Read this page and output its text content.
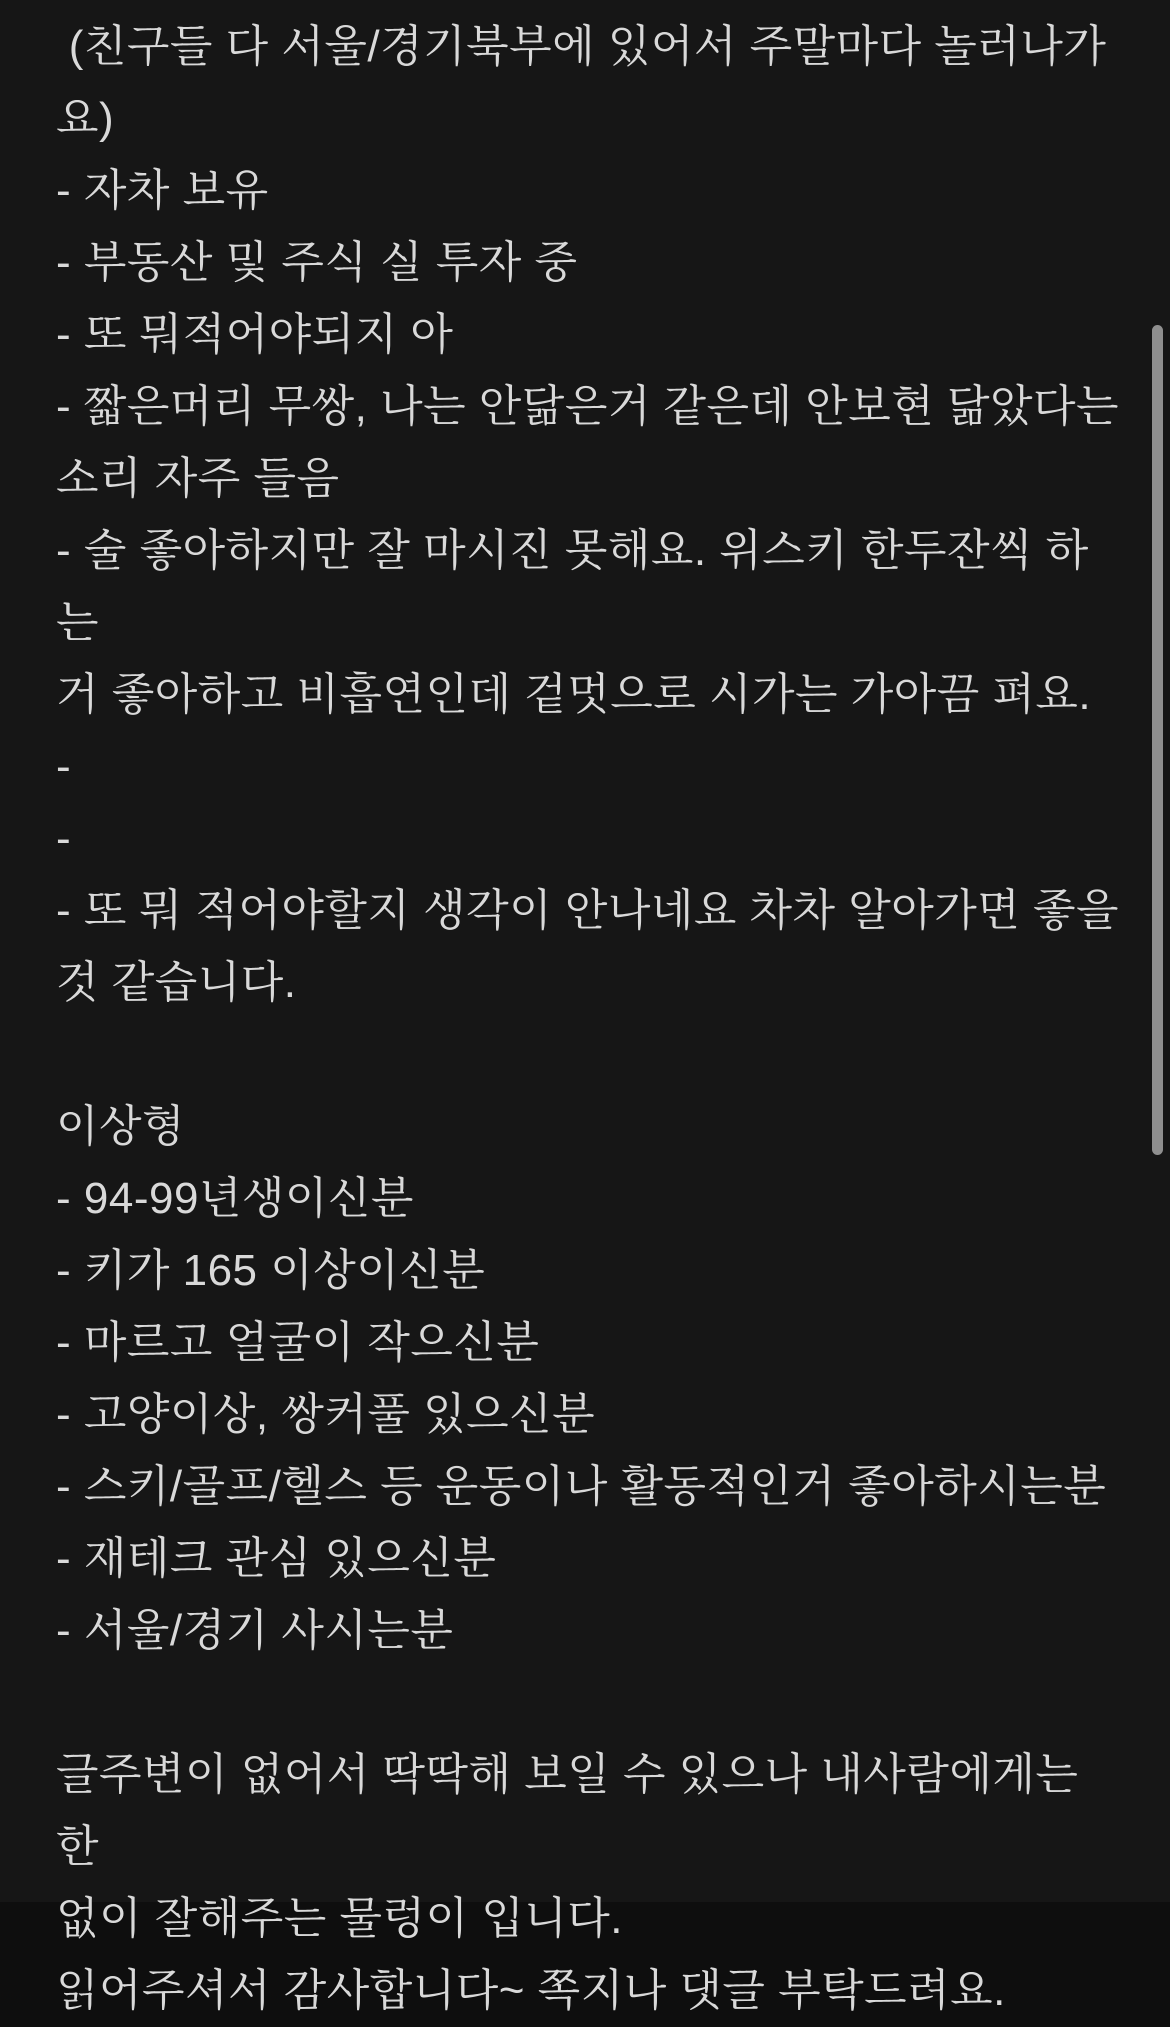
(친구들 다 서울/경기북부에 있어서 주말마다 놀러나가
요)
- 자차 보유
- 부동산 및 주식 실 투자 중
- 또 뭐적어야되지 아
- 짧은머리 무쌍, 나는 안닮은거 같은데 안보현 닮았다는
소리 자주 들음
- 술 좋아하지만 잘 마시진 못해요. 위스키 한두잔씩 하는
거 좋아하고 비흡연인데 겉멋으로 시가는 가아끔 펴요.
-
-
- 또 뭐 적어야할지 생각이 안나네요 차차 알아가면 좋을
것 같습니다.
이상형
- 94-99년생이신분
- 키가 165 이상이신분
- 마르고 얼굴이 작으신분
- 고양이상, 쌍커풀 있으신분
- 스키/골프/헬스 등 운동이나 활동적인거 좋아하시는분
- 재테크 관심 있으신분
- 서울/경기 사시는분
글주변이 없어서 딱딱해 보일 수 있으나 내사람에게는 한
없이 잘해주는 물렁이 입니다.
읽어주셔서 감사합니다~ 쪽지나 댓글 부탁드려요.
